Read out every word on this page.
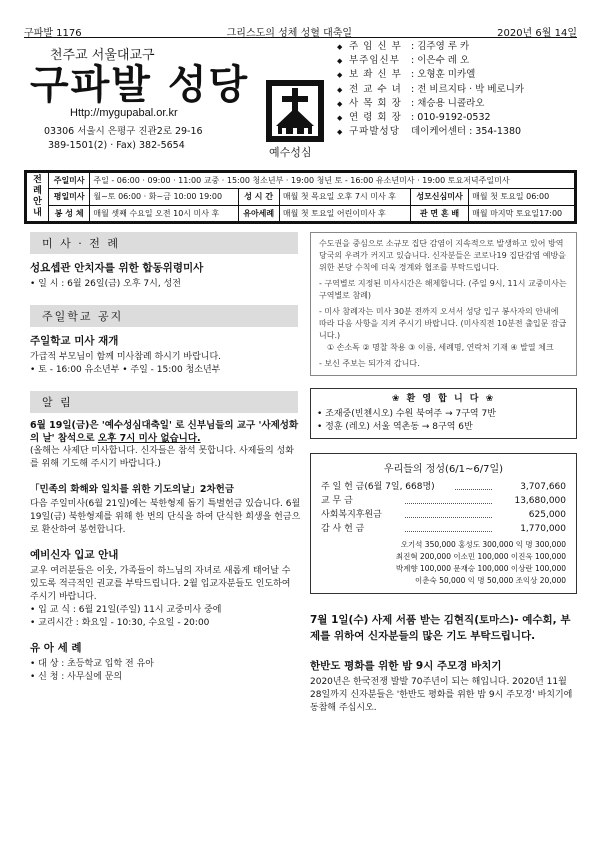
구파발 1176	그리스도의 성체 성혈 대축일	2020년 6월 14일
천주교 서울대교구
구파발 성당
Http://mygupabal.or.kr
03306 서울시 은평구 진관2로 29-16
389-1501(2) · Fax) 382-5654
예수성심
◆ 주 임 신 부 : 김주영 루 카
◆ 부주임신부	: 이은수 레 오
◆ 보 좌 신 부 : 오형훈 미카엘
◆ 전 교 수 녀 : 전 비르지타 · 박 베로니카
◆ 사 목 회 장 : 채승용 니콜라오
◆ 연 령 회 장 : 010-9192-0532
◆ 구파발성당	데이케어센터 : 354-1380
전례안내	주일미사	주일 - 06:00 · 09:00 · 11:00 교중 · 15:00 청소년부 · 19:00 청년 토 - 16:00 유소년미사 · 19:00 토요저녁주일미사				
	평일미사	월~토 06:00 · 화~금 10:00 19:00	성 시 간	매월 첫 목요일 오후 7시 미사 후	성모신심미사	매월 첫 토요일 06:00
	봉 성 체	매월 셋째 수요일 오전 10시 미사 후	유아세례	매월 첫 토요일 어린이미사 후	관 면 혼 배	매월 마지막 토요일17:00
미 사 · 전 례
성요셉관 안치자를 위한 합동위령미사
• 일 시 : 6월 26일(금) 오후 7시, 성전
주일학교 공지
주일학교 미사 재개
가급적 부모님이 함께 미사참례 하시기 바랍니다.
• 토 - 16:00 유소년부 • 주일 - 15:00 청소년부
알 림
6월 19일(금)은 '예수성심대축일' 로 신부님들의 교구 '사제성화의 날' 참석으로 오후 7시 미사 없습니다.
(올해는 사제단 미사합니다. 신자들은 참석 못합니다. 사제들의 성화를 위해 기도해 주시기 바랍니다.)
「민족의 화해와 일치를 위한 기도의날」2차헌금
다음 주일미사(6월 21일)에는 북한형제 돕기 특별헌금 있습니다. 6월 19일(금) 북한형제를 위해 한 번의 단식을 하여 단식한 희생을 헌금으로 환산하여 봉헌합니다.
예비신자 입교 안내
교우 여러분들은 이웃, 가족들이 하느님의 자녀로 새롭게 태어날 수 있도록 적극적인 권교를 부탁드립니다. 2월 입교자분들도 인도하여 주시기 바랍니다.
• 입 교 식 : 6월 21일(주일) 11시 교중미사 중에
• 교리시간 : 화요일 - 10:30, 수요일 - 20:00
유 아 세 례
• 대 상 : 초등학교 입학 전 유아
• 신 청 : 사무실에 문의
수도권을 중심으로 소규모 집단 감염이 지속적으로 발생하고 있어 방역당국의 우려가 커지고 있습니다. 신자분들은 코로나19 집단감염 예방을 위한 본당 수칙에 더욱 경계와 협조를 부탁드립니다.
- 구역별로 지정된 미사시간은 해제합니다. (주일 9시, 11시 교중미사는 구역별로 참례)
- 미사 참례자는 미사 30분 전까지 오셔서 성당 입구 봉사자의 안내에 따라 다음 사항을 지켜 주시기 바랍니다. (미사직전 10분전 출입문 잠급니다.)
① 손소독 ② 명찰 착용 ③ 이름, 세례명, 연락처 기재 ④ 발열 체크
- 보신 주보는 되가져 갑니다.
❀ 환 영 합 니 다 ❀
• 조재중(빈첸시오) 수원 북여주 → 7구역 7반
• 정훈 (레오) 서울 역촌동 → 8구역 6반
우리들의 정성(6/1~6/7일)
주 일 헌 금(6월 7일, 668명)	3,707,660
교 무 금	13,680,000
사회복지후원금	625,000
감 사 헌 금	1,770,000
오기석 350,000 홍성도 300,000 익 명 300,000
최진혁 200,000 이소민 100,000 이진욱 100,000
박계향 100,000 문재승 100,000 이상란 100,000
이춘숙 50,000 익 명 50,000 조익상 20,000
7월 1일(수) 사제 서품 받는 김현직(토마스)- 예수회, 부제를 위하여 신자분들의 많은 기도 부탁드립니다.
한반도 평화를 위한 밤 9시 주모경 바치기
2020년은 한국전쟁 발발 70주년이 되는 해입니다. 2020년 11월 28일까지 신자분들은 '한반도 평화를 위한 밤 9시 주모경' 바치기에 동참해 주십시오.
